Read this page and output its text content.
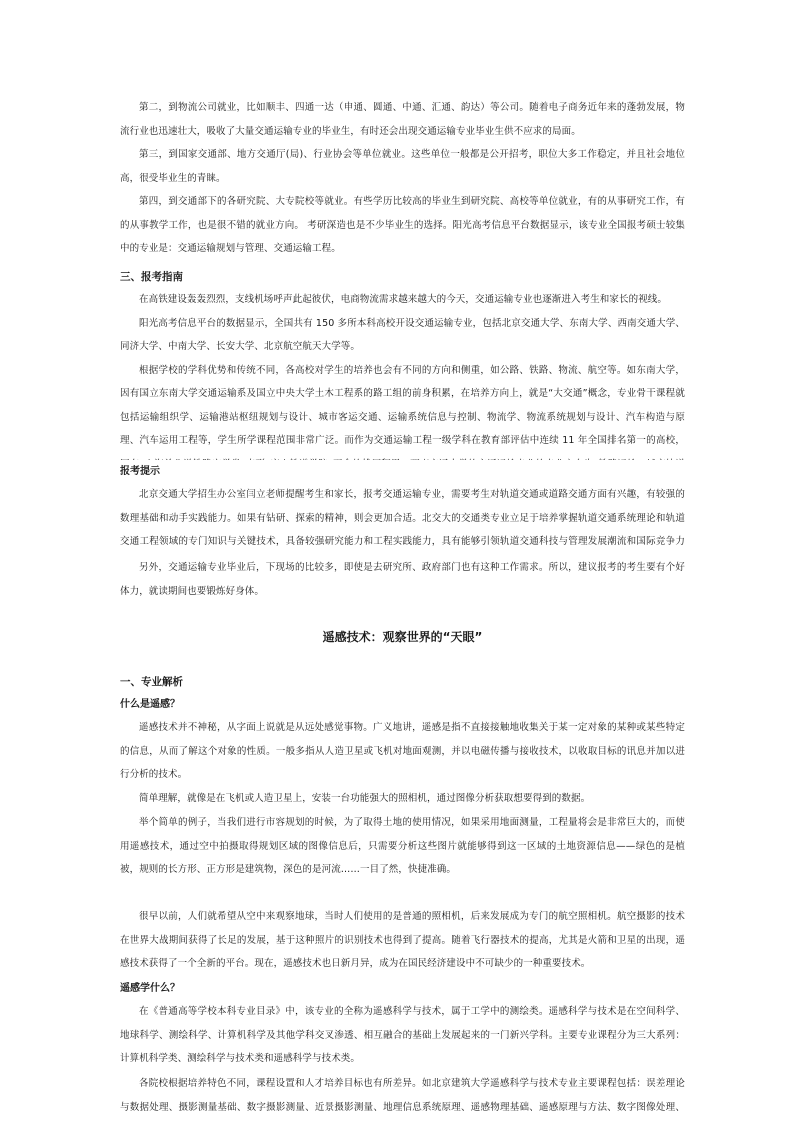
第二，到物流公司就业，比如顺丰、四通一达（申通、圆通、中通、汇通、韵达）等公司。随着电子商务近年来的蓬勃发展，物流行业也迅速壮大，吸收了大量交通运输专业的毕业生，有时还会出现交通运输专业毕业生供不应求的局面。

第三，到国家交通部、地方交通厅(局)、行业协会等单位就业。这些单位一般都是公开招考，职位大多工作稳定，并且社会地位高，很受毕业生的青睐。

第四，到交通部下的各研究院、大专院校等就业。有些学历比较高的毕业生到研究院、高校等单位就业，有的从事研究工作，有的从事教学工作，也是很不错的就业方向。 考研深造也是不少毕业生的选择。阳光高考信息平台数据显示，该专业全国报考硕士较集中的专业是：交通运输规划与管理、交通运输工程。

三、报考指南

在高铁建设轰轰烈烈，支线机场呼声此起彼伏，电商物流需求越来越大的今天，交通运输专业也逐渐进入考生和家长的视线。

阳光高考信息平台的数据显示，全国共有 150 多所本科高校开设交通运输专业，包括北京交通大学、东南大学、西南交通大学、同济大学、中南大学、长安大学、北京航空航天大学等。

根据学校的学科优势和传统不同，各高校对学生的培养也会有不同的方向和侧重，如公路、铁路、物流、航空等。如东南大学，因有国立东南大学交通运输系及国立中央大学土木工程系的路工组的前身积累，在培养方向上，就是“大交通”概念，专业骨干课程就包括运输组织学、运输港站枢纽规划与设计、城市客运交通、运输系统信息与控制、物流学、物流系统规划与设计、汽车构造与原理、汽车运用工程等，学生所学课程范围非常广泛。而作为交通运输工程一级学科在教育部评估中连续 11 年全国排名第一的高校，

报考提示

北京交通大学招生办公室闫立老师提醒考生和家长，报考交通运输专业，需要考生对轨道交通或道路交通方面有兴趣，有较强的数理基础和动手实践能力。如果有钻研、探索的精神，则会更加合适。北交大的交通类专业立足于培养掌握轨道交通系统理论和轨道交通工程领域的专门知识与关键技术，具备较强研究能力和工程实践能力，具有能够引领轨道交通科技与管理发展潮流和国际竞争力

另外，交通运输专业毕业后，下现场的比较多，即使是去研究所、政府部门也有这种工作需求。所以，建议报考的考生要有个好体力，就读期间也要锻炼好身体。

遥感技术：观察世界的“天眼”
一、专业解析
什么是遥感？

遥感技术并不神秘，从字面上说就是从远处感觉事物。广义地讲，遥感是指不直接接触地收集关于某一定对象的某种或某些特定的信息，从而了解这个对象的性质。一般多指从人造卫星或飞机对地面观测，并以电磁传播与接收技术，以收取目标的讯息并加以进行分析的技术。

简单理解，就像是在飞机或人造卫星上，安装一台功能强大的照相机，通过图像分析获取想要得到的数据。

举个简单的例子，当我们进行市容规划的时候，为了取得土地的使用情况，如果采用地面测量，工程量将会是非常巨大的，而使用遥感技术，通过空中拍摄取得规划区域的图像信息后，只需要分析这些图片就能够得到这一区域的土地资源信息——绿色的是植被，规则的长方形、正方形是建筑物，深色的是河流……一目了然，快捷准确。

很早以前，人们就希望从空中来观察地球，当时人们使用的是普通的照相机，后来发展成为专门的航空照相机。航空摄影的技术在世界大战期间获得了长足的发展，基于这种照片的识别技术也得到了提高。随着飞行器技术的提高，尤其是火箭和卫星的出现，遥感技术获得了一个全新的平台。现在，遥感技术也日新月异，成为在国民经济建设中不可缺少的一种重要技术。

遥感学什么？

在《普通高等学校本科专业目录》中，该专业的全称为遥感科学与技术，属于工学中的测绘类。遥感科学与技术是在空间科学、地球科学、测绘科学、计算机科学及其他学科交叉渗透、相互融合的基础上发展起来的一门新兴学科。主要专业课程分为三大系列：计算机科学类、测绘科学与技术类和遥感科学与技术类。

各院校根据培养特色不同，课程设置和人才培养目标也有所差异。如北京建筑大学遥感科学与技术专业主要课程包括：误差理论与数据处理、摄影测量基础、数字摄影测量、近景摄影测量、地理信息系统原理、遥感物理基础、遥感原理与方法、数字图像处理、
